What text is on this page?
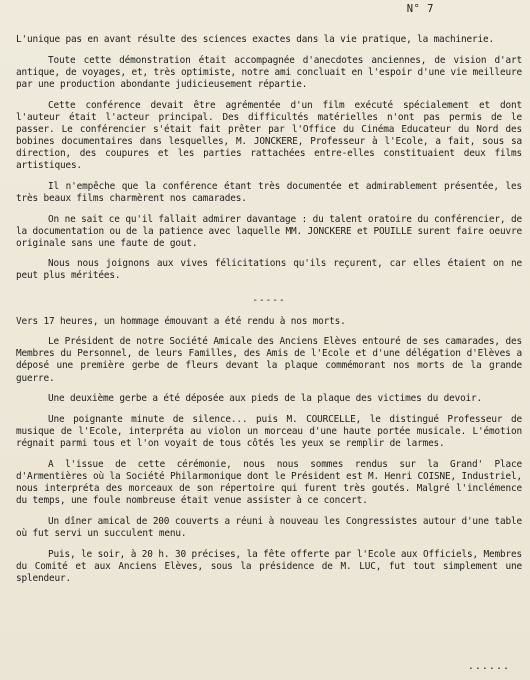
N° 7

L'unique pas en avant résulte des sciences exactes dans la vie pratique, la machinerie.

Toute cette démonstration était accompagnée d'anecdotes anciennes, de vision d'art antique, de voyages, et, très optimiste, notre ami concluait en l'espoir d'une vie meilleure par une production abondante judicieusement répartie.

Cette conférence devait être agrémentée d'un film exécuté spécialement et dont l'auteur était l'acteur principal. Des difficultés matérielles n'ont pas permis de le passer. Le conférencier s'était fait prêter par l'Office du Cinéma Educateur du Nord des bobines documentaires dans lesquelles, M. JONCKERE, Professeur à l'Ecole, a fait, sous sa direction, des coupures et les parties rattachées entre-elles constituaient deux films artistiques.

Il n'empêche que la conférence étant très documentée et admirablement présentée, les très beaux films charmèrent nos camarades.

On ne sait ce qu'il fallait admirer davantage : du talent oratoire du conférencier, de la documentation ou de la patience avec laquelle MM. JONCKERE et POUILLE surent faire oeuvre originale sans une faute de gout.

Nous nous joignons aux vives félicitations qu'ils reçurent, car elles étaient on ne peut plus méritées.

-----

Vers 17 heures, un hommage émouvant a été rendu à nos morts.

Le Président de notre Société Amicale des Anciens Elèves entouré de ses camarades, des Membres du Personnel, de leurs Familles, des Amis de l'Ecole et d'une délégation d'Elèves a déposé une première gerbe de fleurs devant la plaque commémorant nos morts de la grande guerre.

Une deuxième gerbe a été déposée aux pieds de la plaque des victimes du devoir.

Une poignante minute de silence... puis M. COURCELLE, le distingué Professeur de musique de l'Ecole, interpréta au violon un morceau d'une haute portée musicale. L'émotion régnait parmi tous et l'on voyait de tous côtés les yeux se remplir de larmes.

A l'issue de cette cérémonie, nous nous sommes rendus sur la Grand' Place d'Armentières où la Société Philarmonique dont le Président est M. Henri COISNE, Industriel, nous interpréta des morceaux de son répertoire qui furent très goutés. Malgré l'inclémence du temps, une foule nombreuse était venue assister à ce concert.

Un dîner amical de 200 couverts a réuni à nouveau les Congressistes autour d'une table où fut servi un succulent menu.

Puis, le soir, à 20 h. 30 précises, la fête offerte par l'Ecole aux Officiels, Membres du Comité et aux Anciens Elèves, sous la présidence de M. LUC, fut tout simplement une splendeur.

......
